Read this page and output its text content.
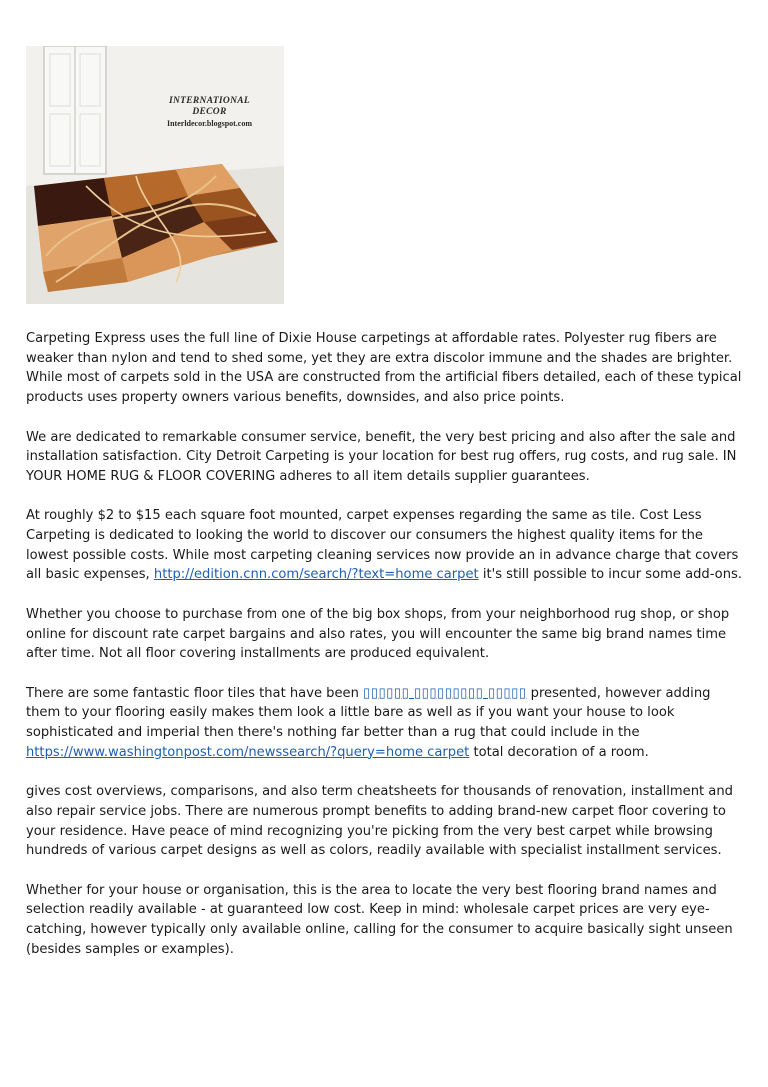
INTERNATIONAL DECOR
Interldecor.blogspot.com

Carpeting Express uses the full line of Dixie House carpetings at affordable rates. Polyester rug fibers are weaker than nylon and tend to shed some, yet they are extra discolor immune and the shades are brighter. While most of carpets sold in the USA are constructed from the artificial fibers detailed, each of these typical products uses property owners various benefits, downsides, and also price points.

We are dedicated to remarkable consumer service, benefit, the very best pricing and also after the sale and installation satisfaction. City Detroit Carpeting is your location for best rug offers, rug costs, and rug sale. IN YOUR HOME RUG & FLOOR COVERING adheres to all item details supplier guarantees.

At roughly $2 to $15 each square foot mounted, carpet expenses regarding the same as tile. Cost Less Carpeting is dedicated to looking the world to discover our consumers the highest quality items for the lowest possible costs. While most carpeting cleaning services now provide an in advance charge that covers all basic expenses, http://edition.cnn.com/search/?text=home carpet it's still possible to incur some add-ons.

Whether you choose to purchase from one of the big box shops, from your neighborhood rug shop, or shop online for discount rate carpet bargains and also rates, you will encounter the same big brand names time after time. Not all floor covering installments are produced equivalent.

There are some fantastic floor tiles that have been ▯▯▯▯▯▯ ▯▯▯▯▯▯▯▯▯ ▯▯▯▯▯ presented, however adding them to your flooring easily makes them look a little bare as well as if you want your house to look sophisticated and imperial then there's nothing far better than a rug that could include in the https://www.washingtonpost.com/newssearch/?query=home carpet total decoration of a room.

gives cost overviews, comparisons, and also term cheatsheets for thousands of renovation, installment and also repair service jobs. There are numerous prompt benefits to adding brand-new carpet floor covering to your residence. Have peace of mind recognizing you're picking from the very best carpet while browsing hundreds of various carpet designs as well as colors, readily available with specialist installment services.

Whether for your house or organisation, this is the area to locate the very best flooring brand names and selection readily available - at guaranteed low cost. Keep in mind: wholesale carpet prices are very eye-catching, however typically only available online, calling for the consumer to acquire basically sight unseen (besides samples or examples).
